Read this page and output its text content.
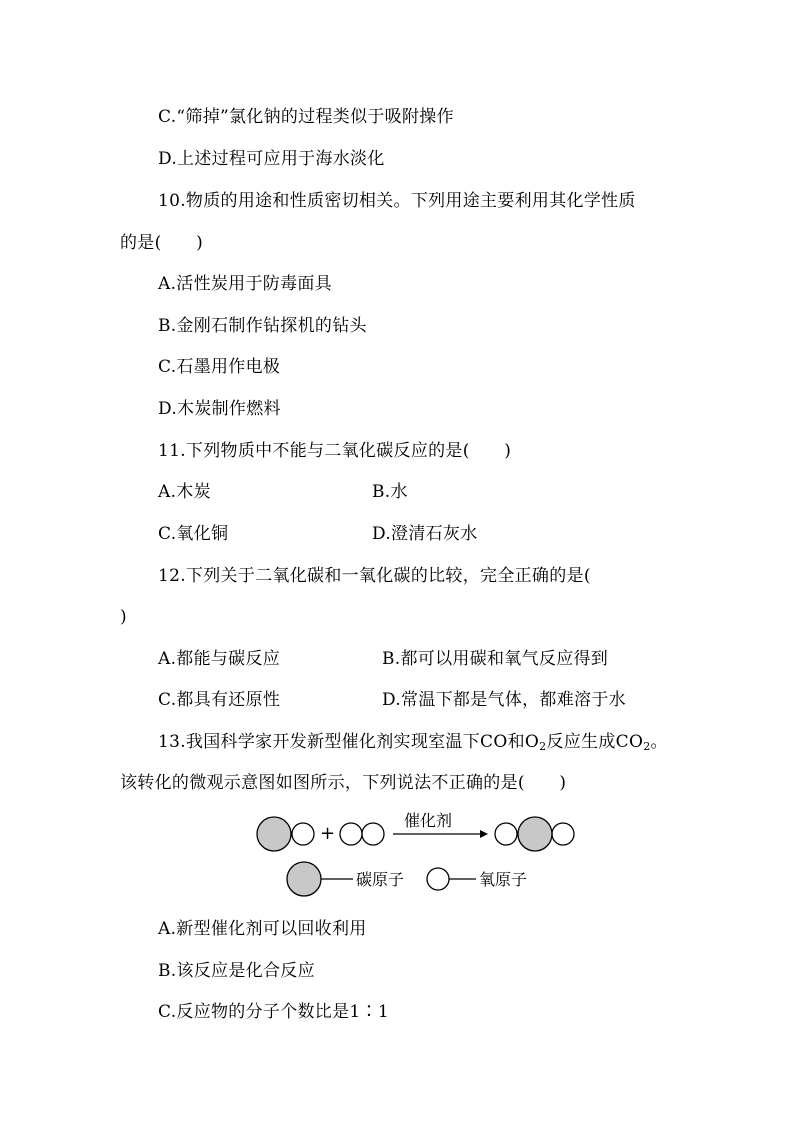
C.“筛掉”氯化钠的过程类似于吸附操作
D.上述过程可应用于海水淡化
10.物质的用途和性质密切相关。下列用途主要利用其化学性质
的是(　　)
A.活性炭用于防毒面具
B.金刚石制作钻探机的钻头
C.石墨用作电极
D.木炭制作燃料
11.下列物质中不能与二氧化碳反应的是(　　)
A.木炭	B.水
C.氧化铜	D.澄清石灰水
12.下列关于二氧化碳和一氧化碳的比较，完全正确的是(
)
A.都能与碳反应	B.都可以用碳和氧气反应得到
C.都具有还原性	D.常温下都是气体，都难溶于水
13.我国科学家开发新型催化剂实现室温下CO和$O_2$反应生成$CO_2$。
该转化的微观示意图如图所示，下列说法不正确的是(　　)
+
催化剂
碳原子	氧原子
A.新型催化剂可以回收利用
B.该反应是化合反应
C.反应物的分子个数比是1∶1
